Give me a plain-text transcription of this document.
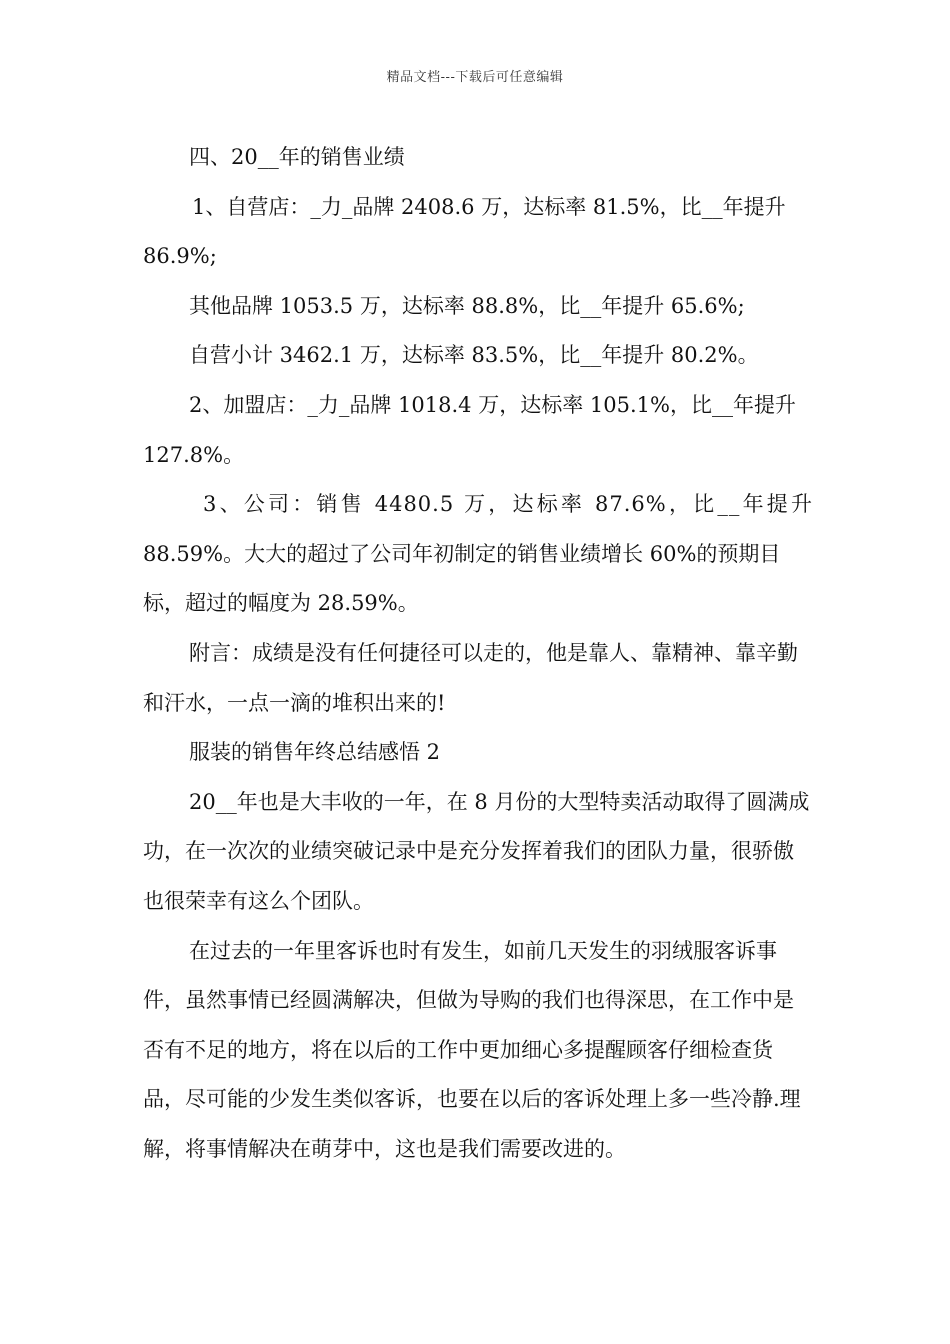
精品文档---下载后可任意编辑

四、20__年的销售业绩

1、自营店：_力_品牌 2408.6 万，达标率 81.5%，比__年提升

86.9%;

其他品牌 1053.5 万，达标率 88.8%，比__年提升 65.6%;

自营小计 3462.1 万，达标率 83.5%，比__年提升 80.2%。

2、加盟店：_力_品牌 1018.4 万，达标率 105.1%，比__年提升

127.8%。

3、公司：销售 4480.5 万，达标率 87.6%，比__年提升

88.59%。大大的超过了公司年初制定的销售业绩增长 60%的预期目

标，超过的幅度为 28.59%。

附言：成绩是没有任何捷径可以走的，他是靠人、靠精神、靠辛勤和汗水，一点一滴的堆积出来的!

服装的销售年终总结感悟 2

20__年也是大丰收的一年，在 8 月份的大型特卖活动取得了圆满成功，在一次次的业绩突破记录中是充分发挥着我们的团队力量，很骄傲也很荣幸有这么个团队。

在过去的一年里客诉也时有发生，如前几天发生的羽绒服客诉事件，虽然事情已经圆满解决，但做为导购的我们也得深思，在工作中是否有不足的地方，将在以后的工作中更加细心多提醒顾客仔细检查货品，尽可能的少发生类似客诉，也要在以后的客诉处理上多一些冷静.理解，将事情解决在萌芽中，这也是我们需要改进的。
